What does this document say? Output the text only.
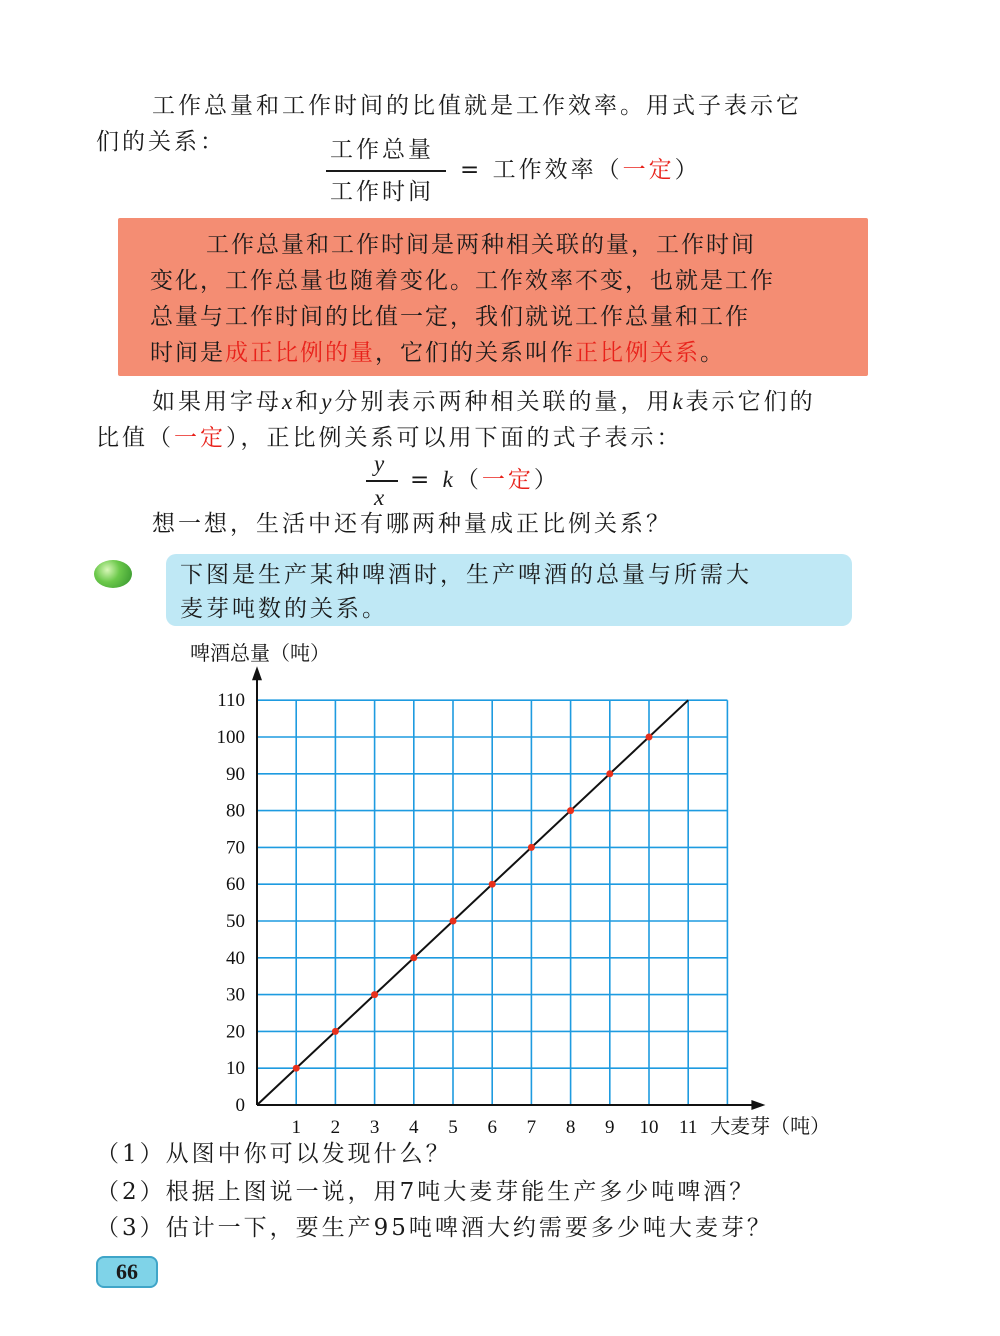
工作总量和工作时间的比值就是工作效率。用式子表示它
们的关系：	工作总量
工作时间
= 工作效率（一定）
工作总量和工作时间是两种相关联的量，工作时间
变化，工作总量也随着变化。工作效率不变，也就是工作
总量与工作时间的比值一定，我们就说工作总量和工作
时间是成正比例的量，它们的关系叫作正比例关系。
如果用字母x和y分别表示两种相关联的量，用k表示它们的
比值（一定），正比例关系可以用下面的式子表示：
y
x
= k（一定）
想一想，生活中还有哪两种量成正比例关系？
下图是生产某种啤酒时，生产啤酒的总量与所需大
麦芽吨数的关系。
0
10
20
30
40
50
60
70
80
90
100
110
1 2 3 4 5 6 7 8 9 10 11
啤酒总量（吨）
大麦芽（吨）
（1）从图中你可以发现什么？
（2）根据上图说一说，用7吨大麦芽能生产多少吨啤酒？
（3）估计一下，要生产95吨啤酒大约需要多少吨大麦芽？
66
